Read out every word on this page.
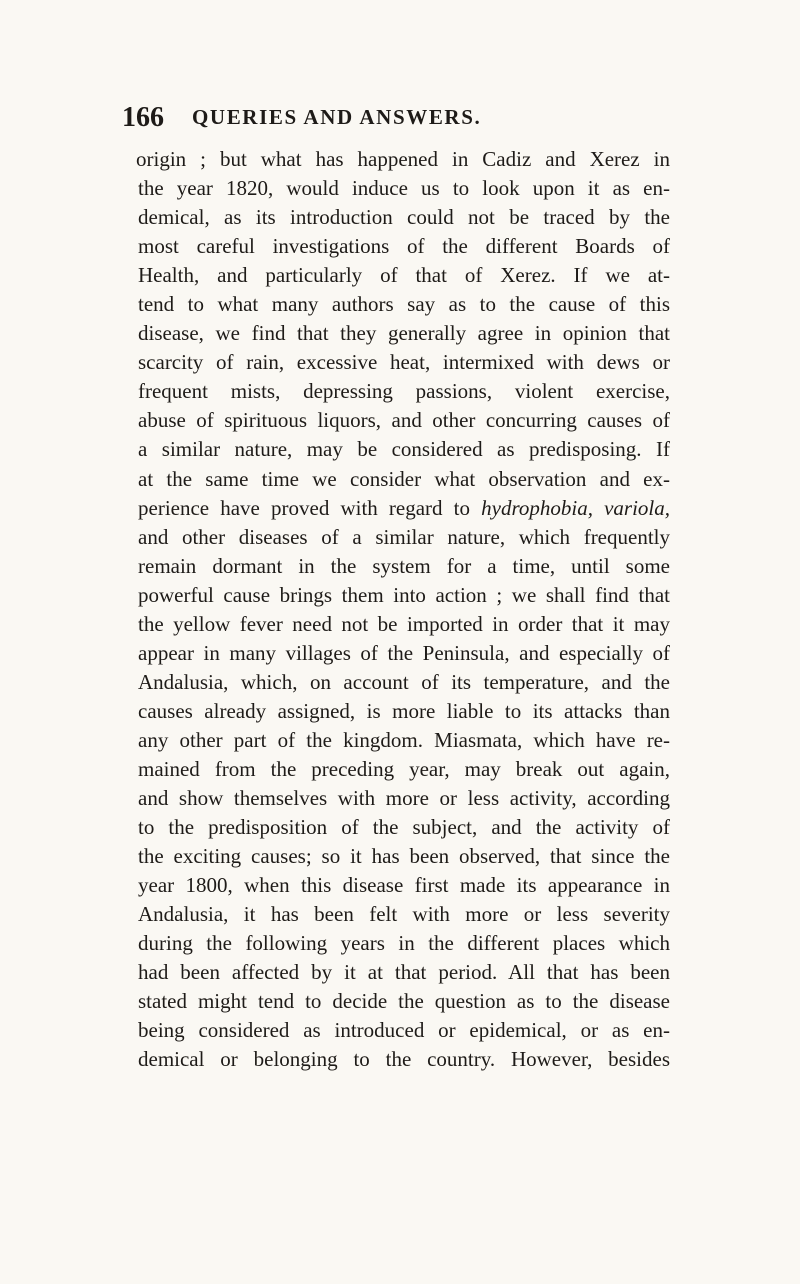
166 QUERIES AND ANSWERS.
origin ; but what has happened in Cadiz and Xerez in
the year 1820, would induce us to look upon it as en-
demical, as its introduction could not be traced by the
most careful investigations of the different Boards of
Health, and particularly of that of Xerez. If we at-
tend to what many authors say as to the cause of this
disease, we find that they generally agree in opinion that
scarcity of rain, excessive heat, intermixed with dews or
frequent mists, depressing passions, violent exercise,
abuse of spirituous liquors, and other concurring causes of
a similar nature, may be considered as predisposing. If
at the same time we consider what observation and ex-
perience have proved with regard to hydrophobia, variola,
and other diseases of a similar nature, which frequently
remain dormant in the system for a time, until some
powerful cause brings them into action ; we shall find that
the yellow fever need not be imported in order that it may
appear in many villages of the Peninsula, and especially of
Andalusia, which, on account of its temperature, and the
causes already assigned, is more liable to its attacks than
any other part of the kingdom. Miasmata, which have re-
mained from the preceding year, may break out again,
and show themselves with more or less activity, according
to the predisposition of the subject, and the activity of
the exciting causes; so it has been observed, that since the
year 1800, when this disease first made its appearance in
Andalusia, it has been felt with more or less severity
during the following years in the different places which
had been affected by it at that period. All that has been
stated might tend to decide the question as to the disease
being considered as introduced or epidemical, or as en-
demical or belonging to the country. However, besides
